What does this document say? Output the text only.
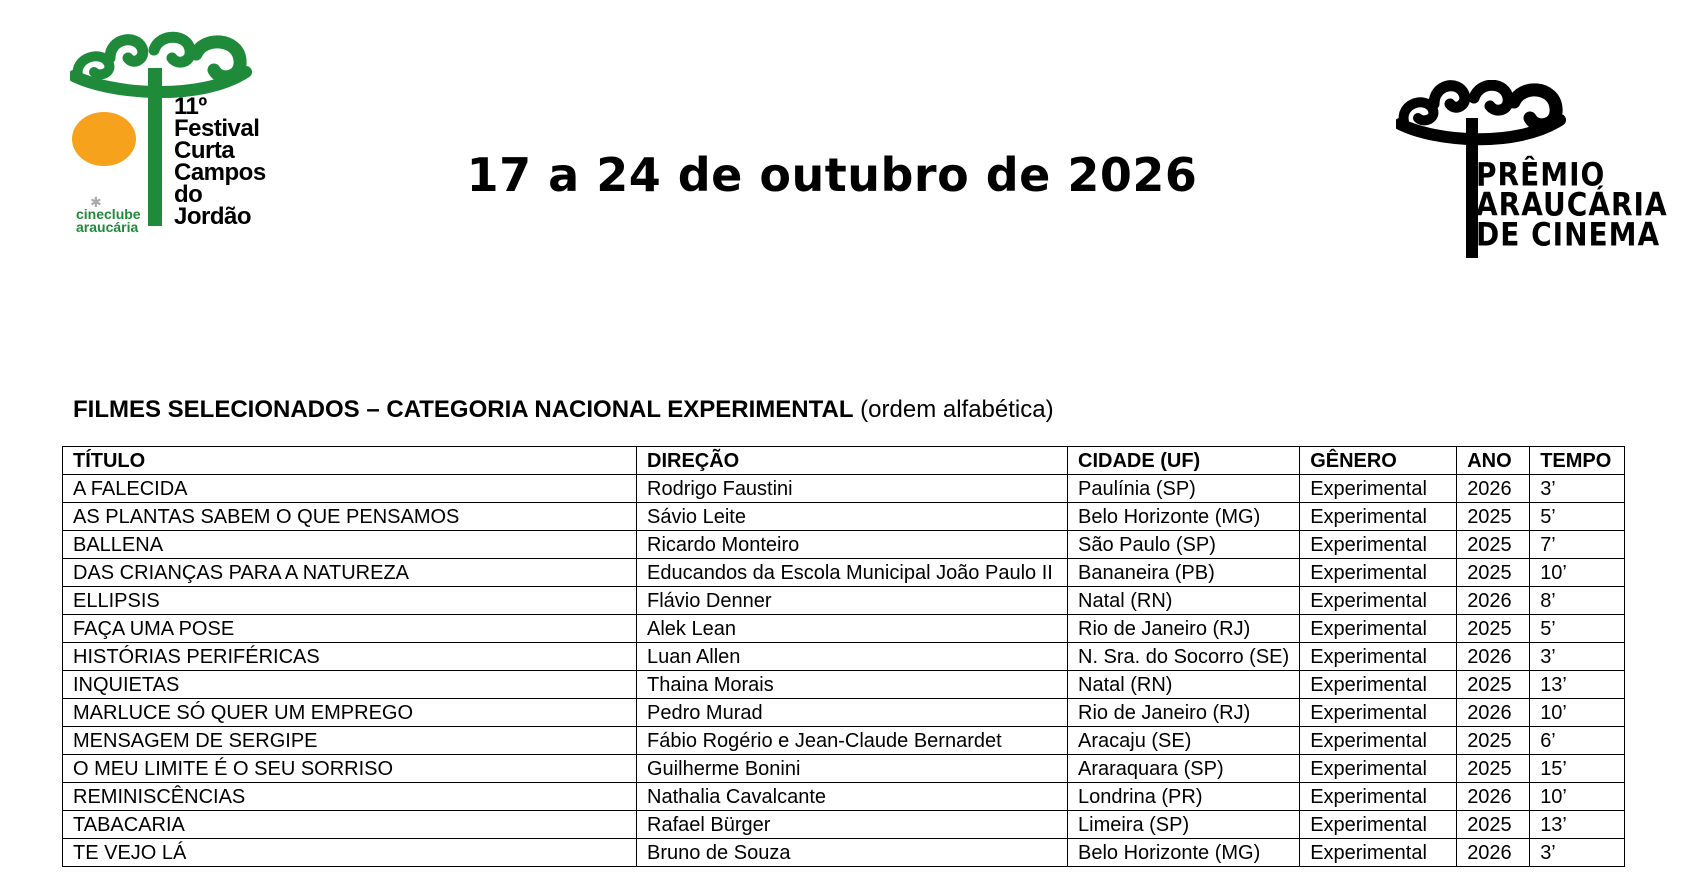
✱
11º
Festival
Curta
Campos
do
Jordão
cineclube
araucária
17 a 24 de outubro de 2026	PRÊMIO
ARAUCÁRIA
DE CINEMA
FILMES SELECIONADOS – CATEGORIA NACIONAL EXPERIMENTAL (ordem alfabética)
TÍTULO	DIREÇÃO	CIDADE (UF)	GÊNERO	ANO	TEMPO
A FALECIDA	Rodrigo Faustini	Paulínia (SP)	Experimental	2026	3’
AS PLANTAS SABEM O QUE PENSAMOS	Sávio Leite	Belo Horizonte (MG)	Experimental	2025	5’
BALLENA	Ricardo Monteiro	São Paulo (SP)	Experimental	2025	7’
DAS CRIANÇAS PARA A NATUREZA	Educandos da Escola Municipal João Paulo II	Bananeira (PB)	Experimental	2025	10’
ELLIPSIS	Flávio Denner	Natal (RN)	Experimental	2026	8’
FAÇA UMA POSE	Alek Lean	Rio de Janeiro (RJ)	Experimental	2025	5’
HISTÓRIAS PERIFÉRICAS	Luan Allen	N. Sra. do Socorro (SE)	Experimental	2026	3’
INQUIETAS	Thaina Morais	Natal (RN)	Experimental	2025	13’
MARLUCE SÓ QUER UM EMPREGO	Pedro Murad	Rio de Janeiro (RJ)	Experimental	2026	10’
MENSAGEM DE SERGIPE	Fábio Rogério e Jean-Claude Bernardet	Aracaju (SE)	Experimental	2025	6’
O MEU LIMITE É O SEU SORRISO	Guilherme Bonini	Araraquara (SP)	Experimental	2025	15’
REMINISCÊNCIAS	Nathalia Cavalcante	Londrina (PR)	Experimental	2026	10’
TABACARIA	Rafael Bürger	Limeira (SP)	Experimental	2025	13’
TE VEJO LÁ	Bruno de Souza	Belo Horizonte (MG)	Experimental	2026	3’
